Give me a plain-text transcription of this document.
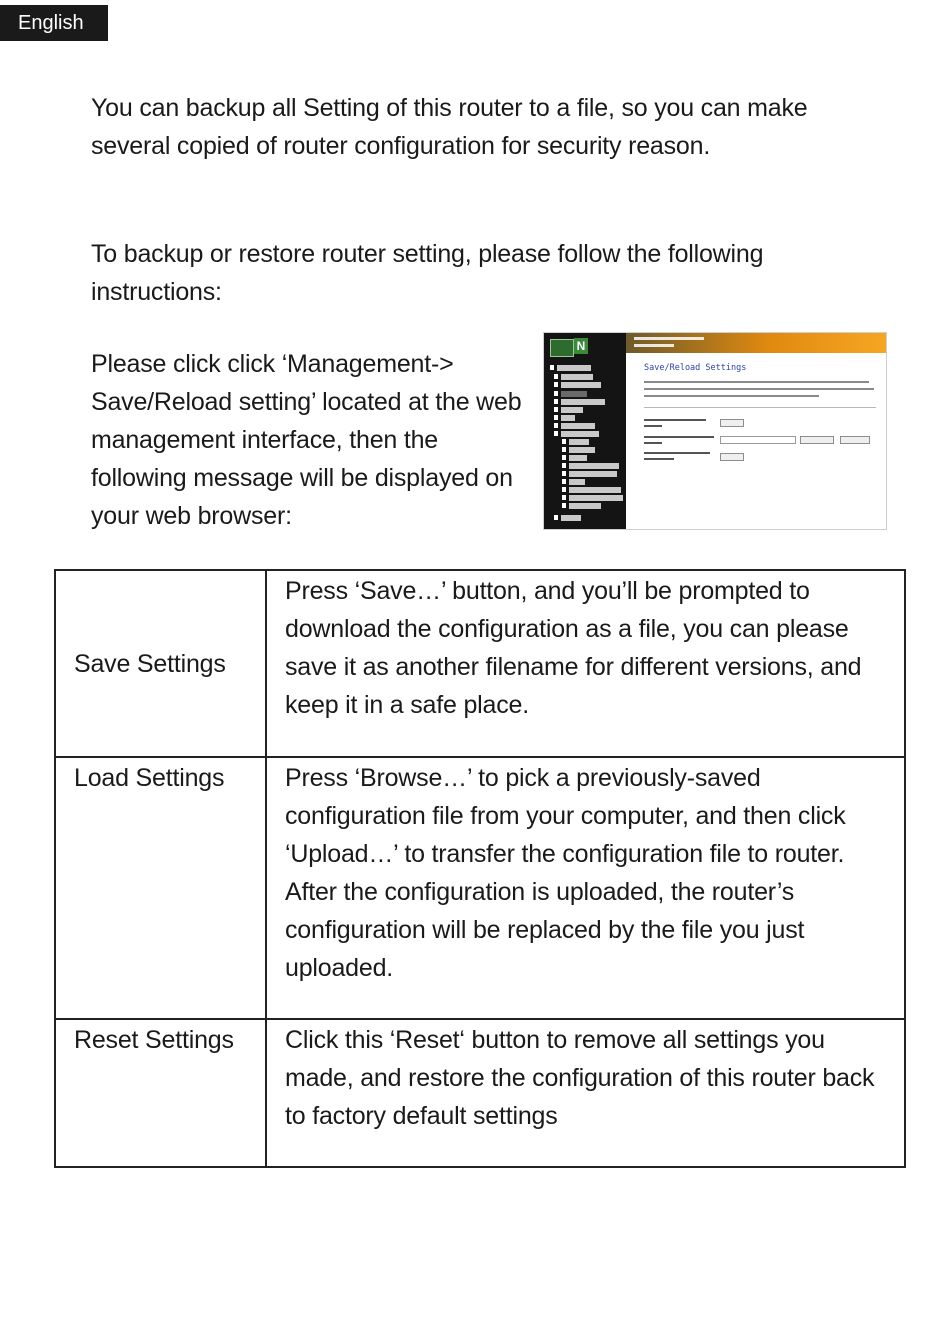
English

You can backup all Setting of this router to a file, so you can make several copied of router configuration for security reason.

To backup or restore router setting, please follow the following instructions:

Please click click ‘Management-> Save/Reload setting’ located at the web management interface, then the following message will be displayed on your web browser:

N
Save/Reload Settings
Save Settings	Press ‘Save…’ button, and you’ll be prompted to download the configuration as a file, you can please save it as another filename for different versions, and keep it in a safe place.
Load Settings	Press ‘Browse…’ to pick a previously-saved configuration file from your computer, and then click ‘Upload…’ to transfer the configuration file to router. After the configuration is uploaded, the router’s configuration will be replaced by the file you just uploaded.
Reset Settings	Click this ‘Reset‘ button to remove all settings you made, and restore the configuration of this router back to factory default settings
